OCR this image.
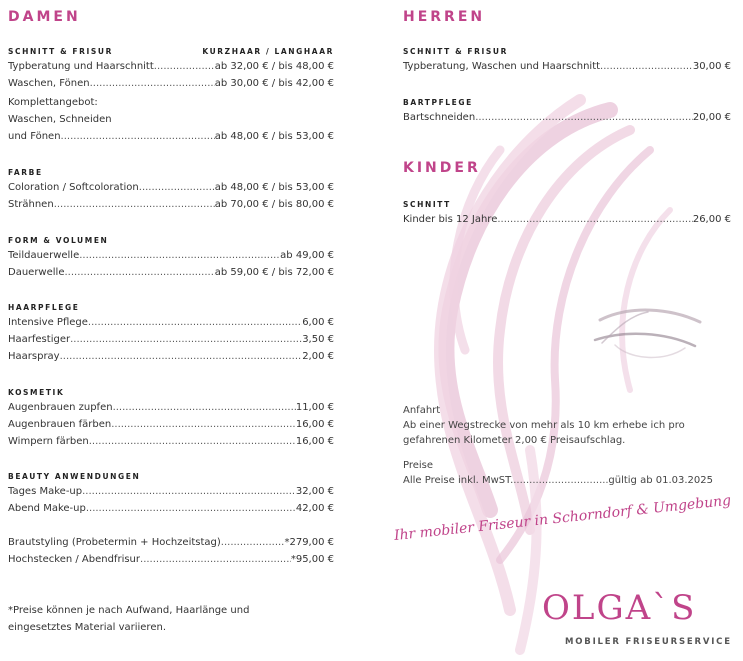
DAMEN
SCHNITT & FRISUR	KURZHAAR / LANGHAAR
Typberatung und Haarschnitt .....	ab 32,00 € / bis 48,00 €
Waschen, Fönen .....	ab 30,00 € / bis 42,00 €
Komplettangebot:
Waschen, Schneiden
und Fönen .....	ab 48,00 € / bis 53,00 €
FARBE
Coloration / Softcoloration .....	ab 48,00 € / bis 53,00 €
Strähnen .....	ab 70,00 € / bis 80,00 €
FORM & VOLUMEN
Teildauerwelle .....	ab 49,00 €
Dauerwelle .....	ab 59,00 € / bis 72,00 €
HAARPFLEGE
Intensive Pflege .....	6,00 €
Haarfestiger .....	3,50 €
Haarspray .....	2,00 €
KOSMETIK
Augenbrauen zupfen .....	11,00 €
Augenbrauen färben .....	16,00 €
Wimpern färben .....	16,00 €
BEAUTY ANWENDUNGEN
Tages Make-up .....	32,00 €
Abend Make-up .....	42,00 €
Brautstyling (Probetermin + Hochzeitstag) .....	*279,00 €
Hochstecken / Abendfrisur .....	*95,00 €
*Preise können je nach Aufwand, Haarlänge und
eingesetztes Material variieren.
HERREN
SCHNITT & FRISUR
Typberatung, Waschen und Haarschnitt .....	30,00 €
BARTPFLEGE
Bartschneiden .....	20,00 €
KINDER
SCHNITT
Kinder bis 12 Jahre .....	26,00 €
Anfahrt
Ab einer Wegstrecke von mehr als 10 km erhebe ich pro
gefahrenen Kilometer 2,00 € Preisaufschlag.
Preise
Alle Preise inkl. MwST. .....	gültig ab 01.03.2025
Ihr mobiler Friseur in Schorndorf & Umgebung
OLGA`S
MOBILER FRISEURSERVICE
